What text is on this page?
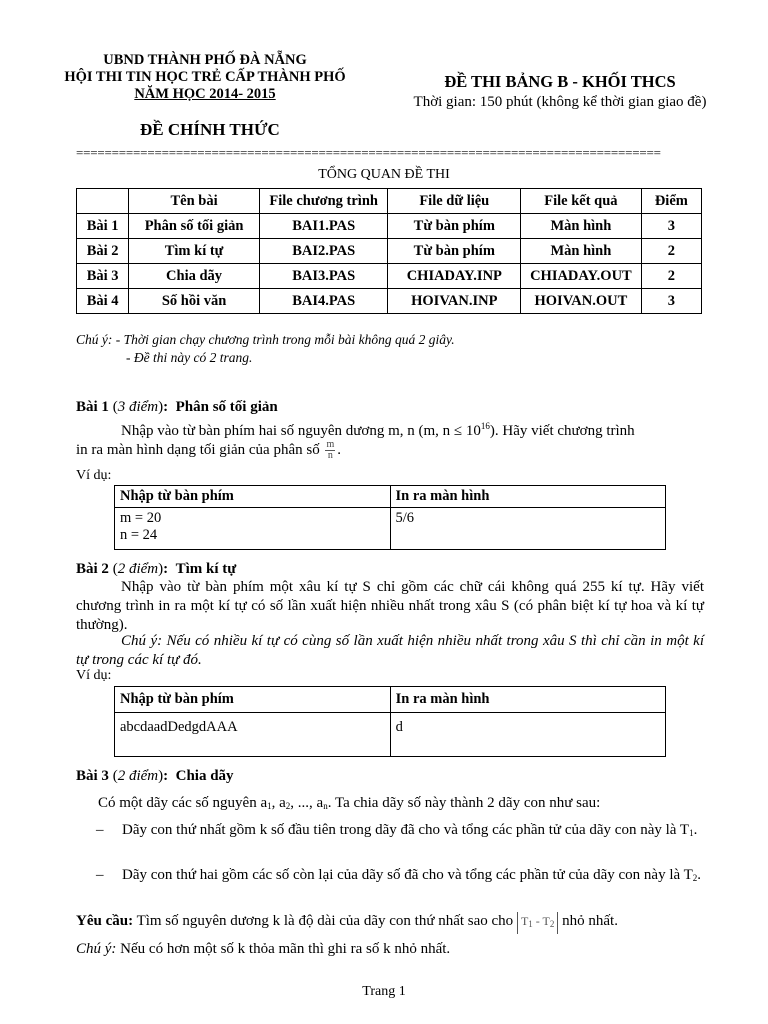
UBND THÀNH PHỐ ĐÀ NẴNG
HỘI THI TIN HỌC TRẺ CẤP THÀNH PHỐ
NĂM HỌC 2014- 2015
ĐỀ THI BẢNG B - KHỐI THCS
Thời gian: 150 phút (không kể thời gian giao đề)
ĐỀ CHÍNH THỨC
==================================================================================
TỔNG QUAN ĐỀ THI
	Tên bài	File chương trình	File dữ liệu	File kết quả	Điểm
Bài 1	Phân số tối giản	BAI1.PAS	Từ bàn phím	Màn hình	3
Bài 2	Tìm kí tự	BAI2.PAS	Từ bàn phím	Màn hình	2
Bài 3	Chia dãy	BAI3.PAS	CHIADAY.INP	CHIADAY.OUT	2
Bài 4	Số hồi văn	BAI4.PAS	HOIVAN.INP	HOIVAN.OUT	3
Chú ý: - Thời gian chạy chương trình trong mỗi bài không quá 2 giây.
- Đề thi này có 2 trang.
Bài 1 (3 điểm): Phân số tối giản
Nhập vào từ bàn phím hai số nguyên dương m, n (m, $n \le 10^{16}$). Hãy viết chương trình
in ra màn hình dạng tối giản của phân số $\frac{m}{n}$ .
Ví dụ:
Nhập từ bàn phím	In ra màn hình

m = 20
n = 24	5/6
Bài 2 (2 điểm): Tìm kí tự
Nhập vào từ bàn phím một xâu kí tự S chỉ gồm các chữ cái không quá 255 kí tự. Hãy viết chương trình in ra một kí tự có số lần xuất hiện nhiều nhất trong xâu S (có phân biệt kí tự hoa và kí tự thường).
Chú ý: Nếu có nhiều kí tự có cùng số lần xuất hiện nhiều nhất trong xâu S thì chỉ cần in một kí tự trong các kí tự đó.
Ví dụ:
Nhập từ bàn phím	In ra màn hình
abcdaadDedgdAAA	d
Bài 3 (2 điểm): Chia dãy
Có một dãy các số nguyên $a_1$, $a_2$, ..., $a_n$. Ta chia dãy số này thành 2 dãy con như sau:
– Dãy con thứ nhất gồm k số đầu tiên trong dãy đã cho và tổng các phần tử của dãy con này là $T_1$.
– Dãy con thứ hai gồm các số còn lại của dãy số đã cho và tổng các phần tử của dãy con này là $T_2$.
Yêu cầu: Tìm số nguyên dương k là độ dài của dãy con thứ nhất sao cho $T_1 - T_2$ nhỏ nhất.
Chú ý: Nếu có hơn một số k thỏa mãn thì ghi ra số k nhỏ nhất.
Trang 1
